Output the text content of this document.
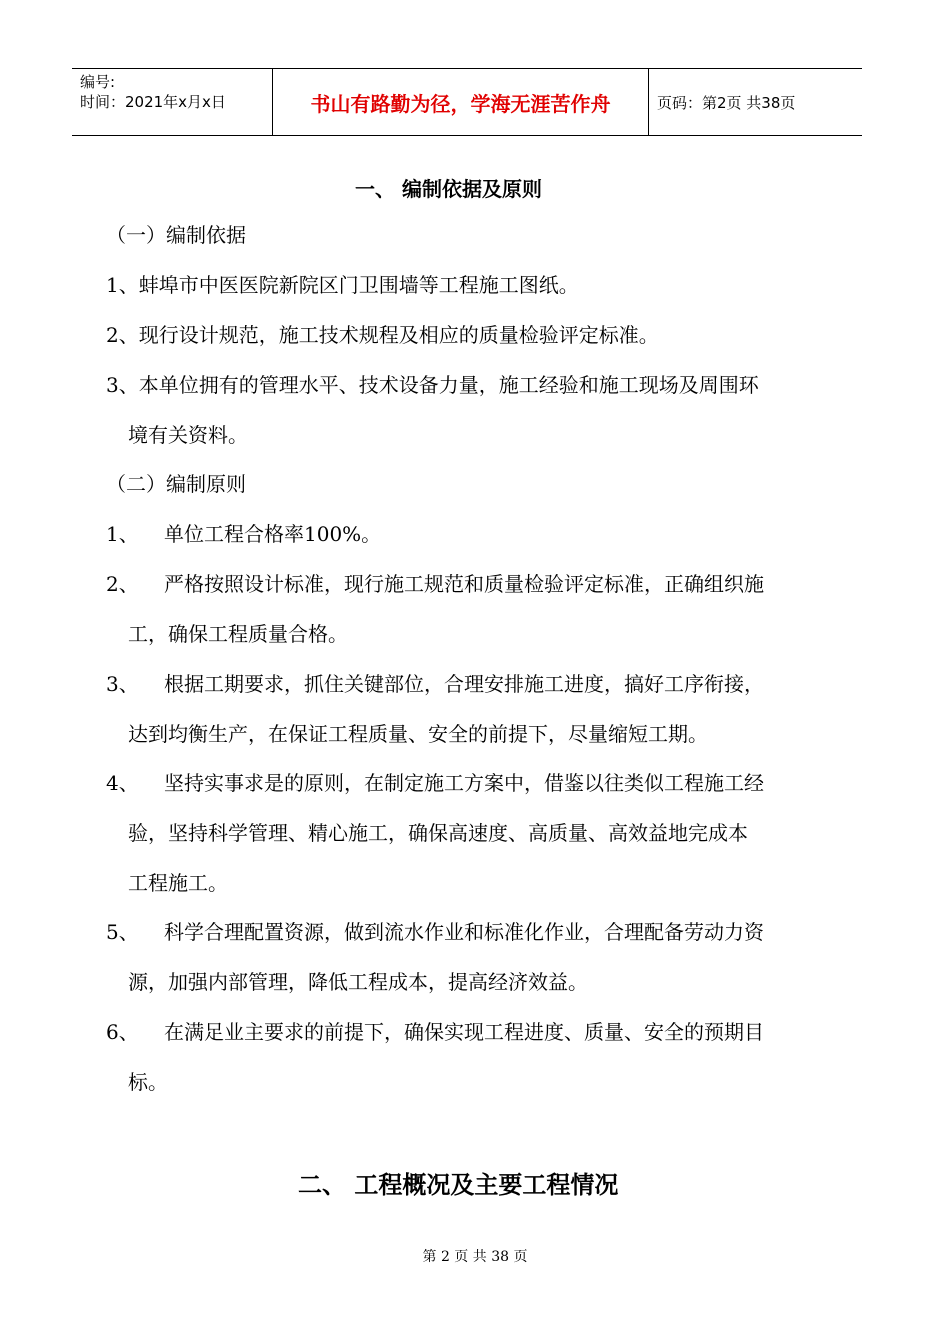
编号:
时间：2021年x月x日	书山有路勤为径，学海无涯苦作舟	页码：第2页 共38页
一、 编制依据及原则
（一）编制依据
1、蚌埠市中医医院新院区门卫围墙等工程施工图纸。
2、现行设计规范，施工技术规程及相应的质量检验评定标准。
3、本单位拥有的管理水平、技术设备力量，施工经验和施工现场及周围环
境有关资料。
（二）编制原则
1、 单位工程合格率100%。
2、 严格按照设计标准，现行施工规范和质量检验评定标准，正确组织施
工，确保工程质量合格。
3、 根据工期要求，抓住关键部位，合理安排施工进度，搞好工序衔接，
达到均衡生产，在保证工程质量、安全的前提下，尽量缩短工期。
4、 坚持实事求是的原则，在制定施工方案中，借鉴以往类似工程施工经
验，坚持科学管理、精心施工，确保高速度、高质量、高效益地完成本
工程施工。
5、 科学合理配置资源，做到流水作业和标准化作业，合理配备劳动力资
源，加强内部管理，降低工程成本，提高经济效益。
6、 在满足业主要求的前提下，确保实现工程进度、质量、安全的预期目
标。
二、 工程概况及主要工程情况
第 2 页 共 38 页
